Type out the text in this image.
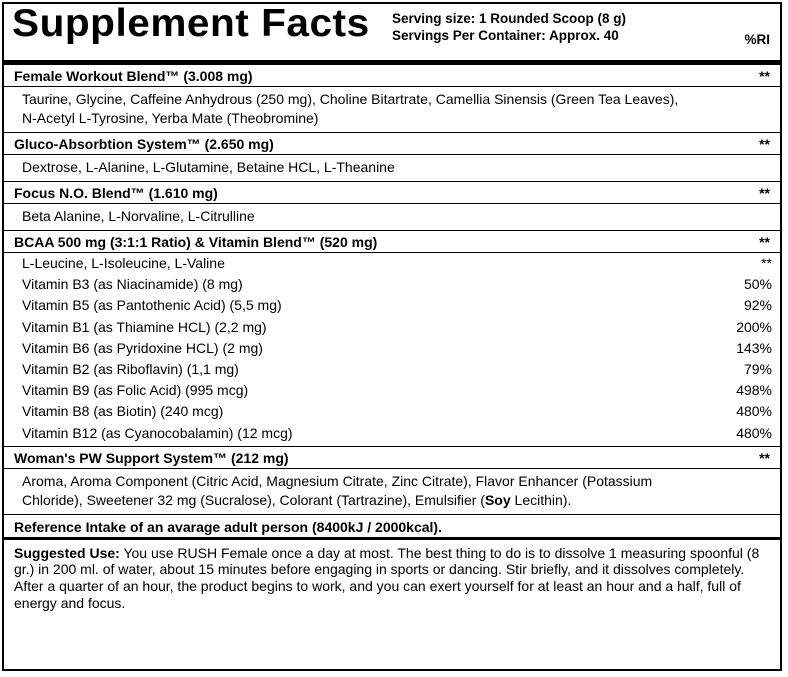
Supplement Facts Serving size: 1 Rounded Scoop (8 g)
Servings Per Container: Approx. 40	%RI
Female Workout Blend™ (3.008 mg)	**
Taurine, Glycine, Caffeine Anhydrous (250 mg), Choline Bitartrate, Camellia Sinensis (Green Tea Leaves),
N-Acetyl L-Tyrosine, Yerba Mate (Theobromine)
Gluco-Absorbtion System™ (2.650 mg)	**
Dextrose, L-Alanine, L-Glutamine, Betaine HCL, L-Theanine
Focus N.O. Blend™ (1.610 mg)	**
Beta Alanine, L-Norvaline, L-Citrulline
BCAA 500 mg (3:1:1 Ratio) & Vitamin Blend™ (520 mg)	**
L-Leucine, L-Isoleucine, L-Valine	**
Vitamin B3 (as Niacinamide) (8 mg)	50%
Vitamin B5 (as Pantothenic Acid) (5,5 mg)	92%
Vitamin B1 (as Thiamine HCL) (2,2 mg)	200%
Vitamin B6 (as Pyridoxine HCL) (2 mg)	143%
Vitamin B2 (as Riboflavin) (1,1 mg)	79%
Vitamin B9 (as Folic Acid) (995 mcg)	498%
Vitamin B8 (as Biotin) (240 mcg)	480%
Vitamin B12 (as Cyanocobalamin) (12 mcg)	480%
Woman's PW Support System™ (212 mg)	**
Aroma, Aroma Component (Citric Acid, Magnesium Citrate, Zinc Citrate), Flavor Enhancer (Potassium
Chloride), Sweetener 32 mg (Sucralose), Colorant (Tartrazine), Emulsifier (Soy Lecithin).
Reference Intake of an avarage adult person (8400kJ / 2000kcal).
Suggested Use: You use RUSH Female once a day at most. The best thing to do is to dissolve 1 measuring spoonful (8 gr.) in 200 ml. of water, about 15 minutes before engaging in sports or dancing. Stir briefly, and it dissolves completely. After a quarter of an hour, the product begins to work, and you can exert yourself for at least an hour and a half, full of energy and focus.
